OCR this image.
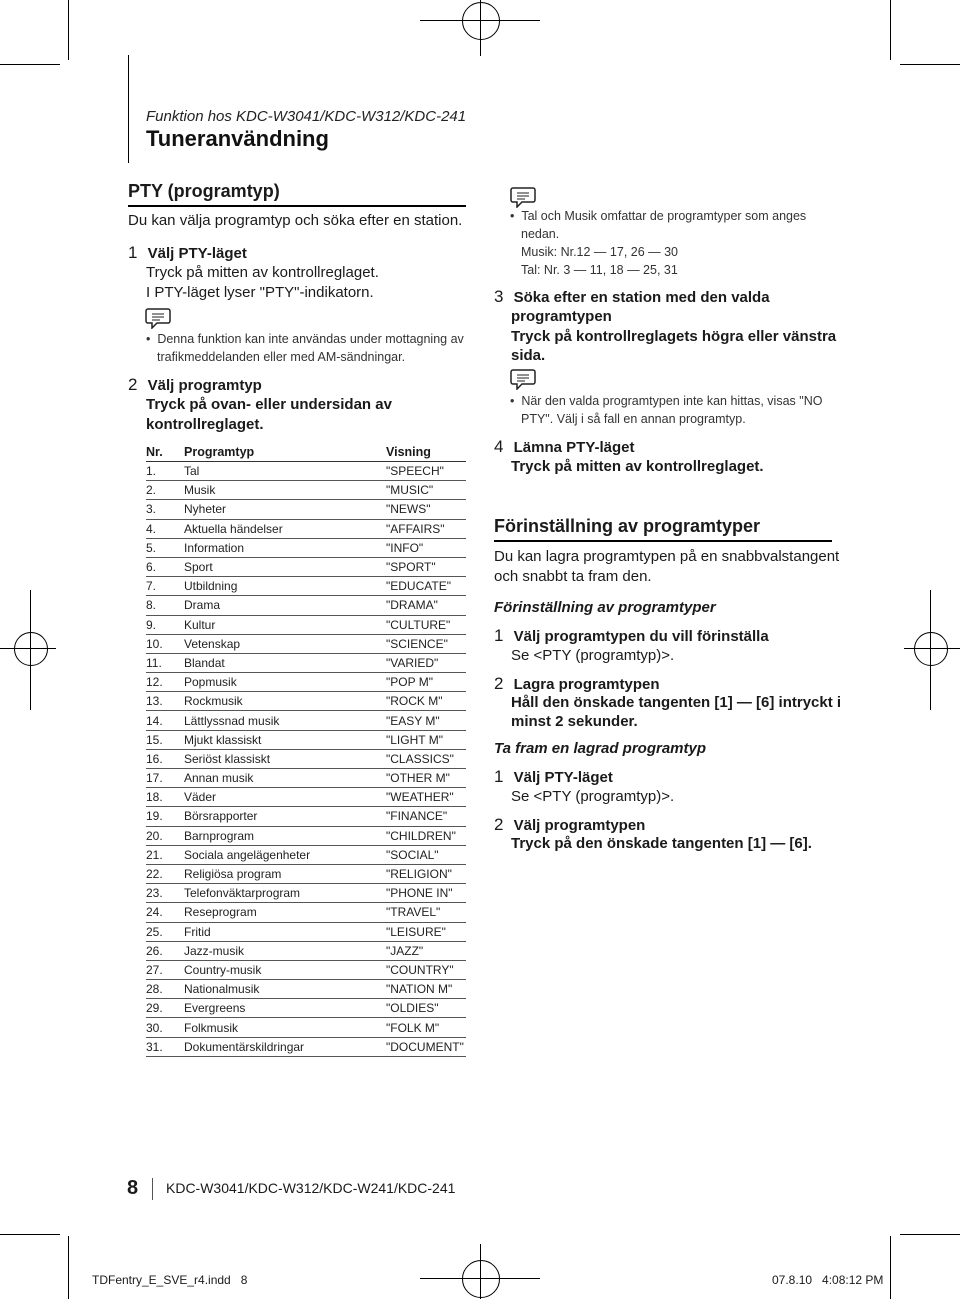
Funktion hos KDC-W3041/KDC-W312/KDC-241
Tuneranvändning
PTY (programtyp)
Du kan välja programtyp och söka efter en station.
1 Välj PTY-läget
Tryck på mitten av kontrollreglaget.
I PTY-läget lyser "PTY"-indikatorn.
•  Denna funktion kan inte användas under mottagning av
trafikmeddelanden eller med AM-sändningar.
2 Välj programtyp
Tryck på ovan- eller undersidan av
kontrollreglaget.
Nr.	Programtyp	Visning
1.	Tal	"SPEECH"
2.	Musik	"MUSIC"
3.	Nyheter	"NEWS"
4.	Aktuella händelser	"AFFAIRS"
5.	Information	"INFO"
6.	Sport	"SPORT"
7.	Utbildning	"EDUCATE"
8.	Drama	"DRAMA"
9.	Kultur	"CULTURE"
10.	Vetenskap	"SCIENCE"
11.	Blandat	"VARIED"
12.	Popmusik	"POP M"
13.	Rockmusik	"ROCK M"
14.	Lättlyssnad musik	"EASY M"
15.	Mjukt klassiskt	"LIGHT M"
16.	Seriöst klassiskt	"CLASSICS"
17.	Annan musik	"OTHER M"
18.	Väder	"WEATHER"
19.	Börsrapporter	"FINANCE"
20.	Barnprogram	"CHILDREN"
21.	Sociala angelägenheter	"SOCIAL"
22.	Religiösa program	"RELIGION"
23.	Telefonväktarprogram	"PHONE IN"
24.	Reseprogram	"TRAVEL"
25.	Fritid	"LEISURE"
26.	Jazz-musik	"JAZZ"
27.	Country-musik	"COUNTRY"
28.	Nationalmusik	"NATION M"
29.	Evergreens	"OLDIES"
30.	Folkmusik	"FOLK M"
31.	Dokumentärskildringar	"DOCUMENT"
•  Tal och Musik omfattar de programtyper som anges
nedan.
Musik: Nr.12 — 17, 26 — 30
Tal: Nr. 3 — 11, 18 — 25, 31
3 Söka efter en station med den valda
programtypen
Tryck på kontrollreglagets högra eller vänstra
sida.
•  När den valda programtypen inte kan hittas, visas "NO
PTY". Välj i så fall en annan programtyp.
4 Lämna PTY-läget
Tryck på mitten av kontrollreglaget.
Förinställning av programtyper
Du kan lagra programtypen på en snabbvalstangent
och snabbt ta fram den.
Förinställning av programtyper
1 Välj programtypen du vill förinställa
Se <PTY (programtyp)>.
2 Lagra programtypen
Håll den önskade tangenten [1] — [6] intryckt i
minst 2 sekunder.
Ta fram en lagrad programtyp
1 Välj PTY-läget
Se <PTY (programtyp)>.
2 Välj programtypen
Tryck på den önskade tangenten [1] — [6].
8 KDC-W3041/KDC-W312/KDC-W241/KDC-241
TDFentry_E_SVE_r4.indd   8	07.8.10   4:08:12 PM
